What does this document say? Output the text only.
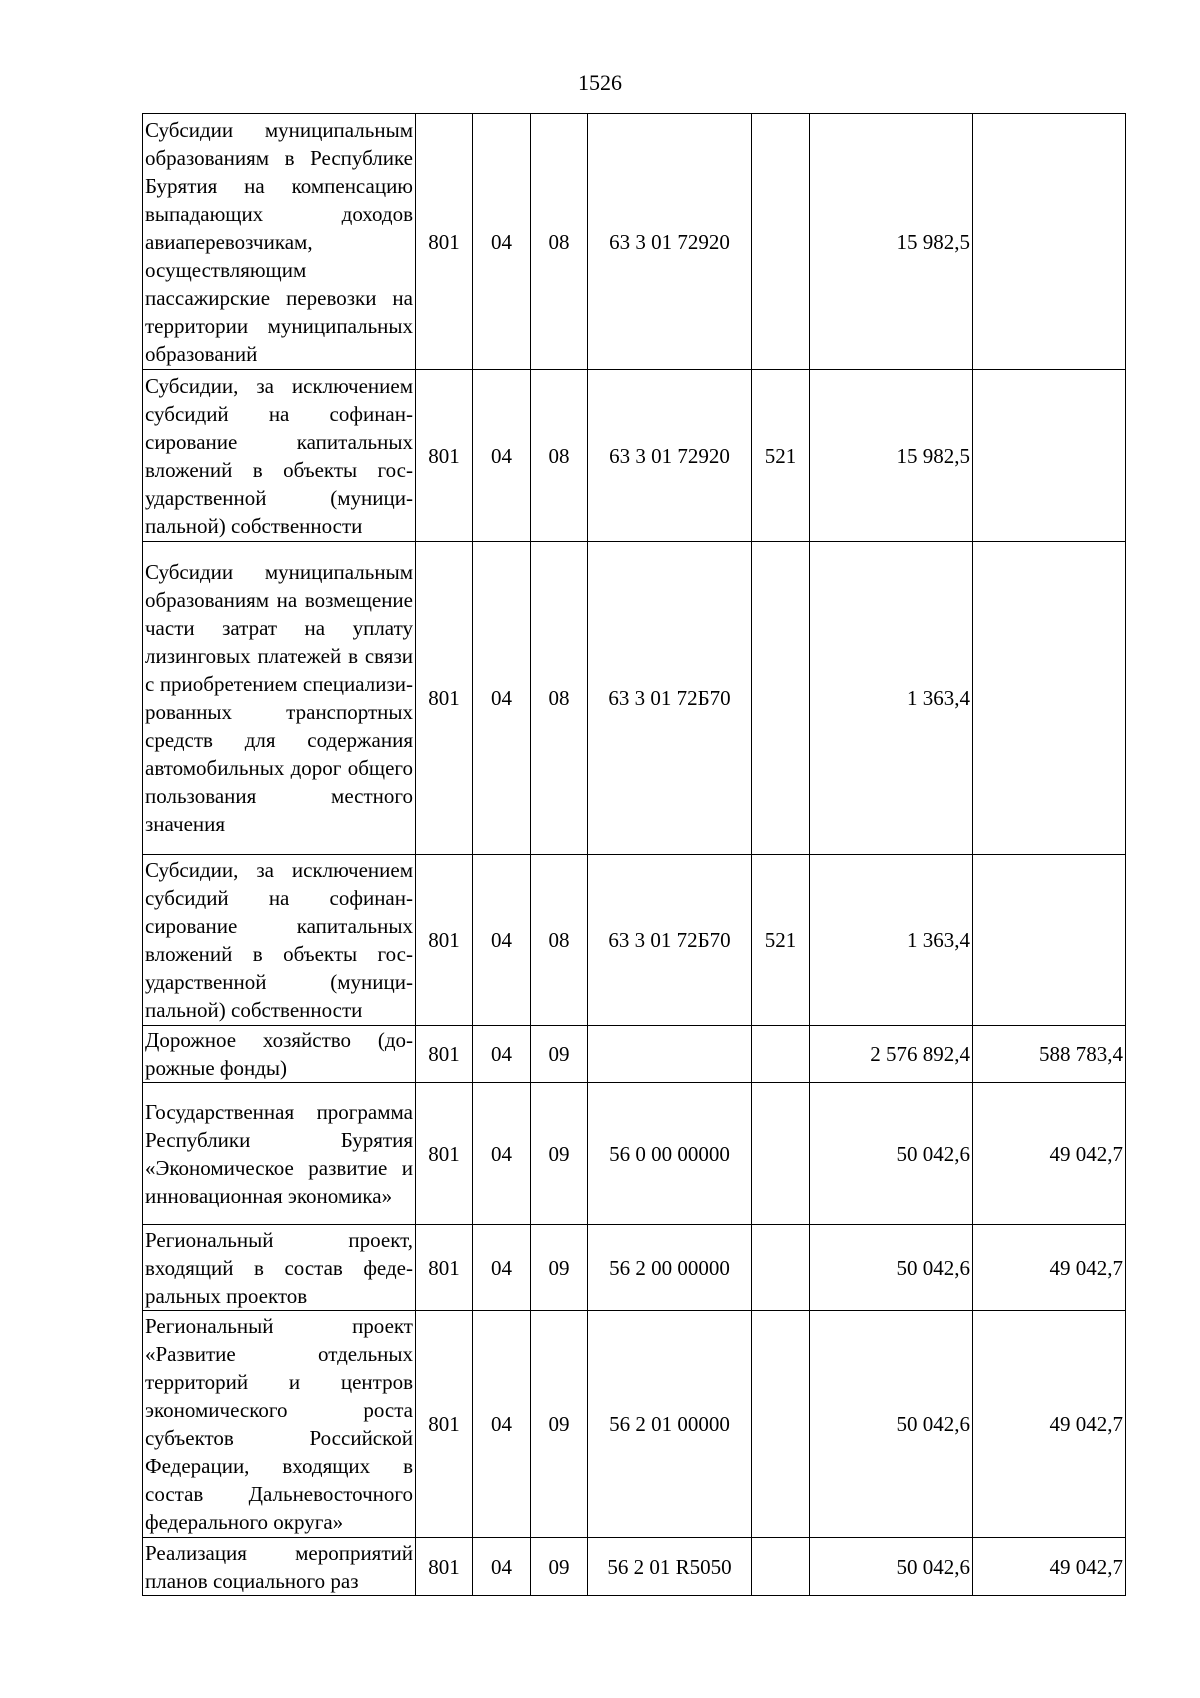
1526
Субсидии муниципальным образованиям в Республике Бурятия на компенсацию выпадающих доходов авиаперевозчикам, осуществляющим пассажирские перевозки на территории муниципальных образований	801	04	08	63 3 01 72920		15 982,5	
Субсидии, за исключением субсидий на софинансирование капитальных вложений в объекты государственной (муниципальной) собственности	801	04	08	63 3 01 72920	521	15 982,5	
Субсидии муниципальным образованиям на возмещение части затрат на уплату лизинговых платежей в связи с приобретением специализированных транспортных средств для содержания автомобильных дорог общего пользования местного значения	801	04	08	63 3 01 72Б70		1 363,4	
Субсидии, за исключением субсидий на софинансирование капитальных вложений в объекты государственной (муниципальной) собственности	801	04	08	63 3 01 72Б70	521	1 363,4	
Дорожное хозяйство (дорожные фонды)	801	04	09			2 576 892,4	588 783,4
Государственная программа Республики Бурятия «Экономическое развитие и инновационная экономика»	801	04	09	56 0 00 00000		50 042,6	49 042,7
Региональный проект, входящий в состав федеральных проектов	801	04	09	56 2 00 00000		50 042,6	49 042,7
Региональный проект «Развитие отдельных территорий и центров экономического роста субъектов Российской Федерации, входящих в состав Дальневосточного федерального округа»	801	04	09	56 2 01 00000		50 042,6	49 042,7
Реализация мероприятий планов социального раз	801	04	09	56 2 01 R5050		50 042,6	49 042,7
